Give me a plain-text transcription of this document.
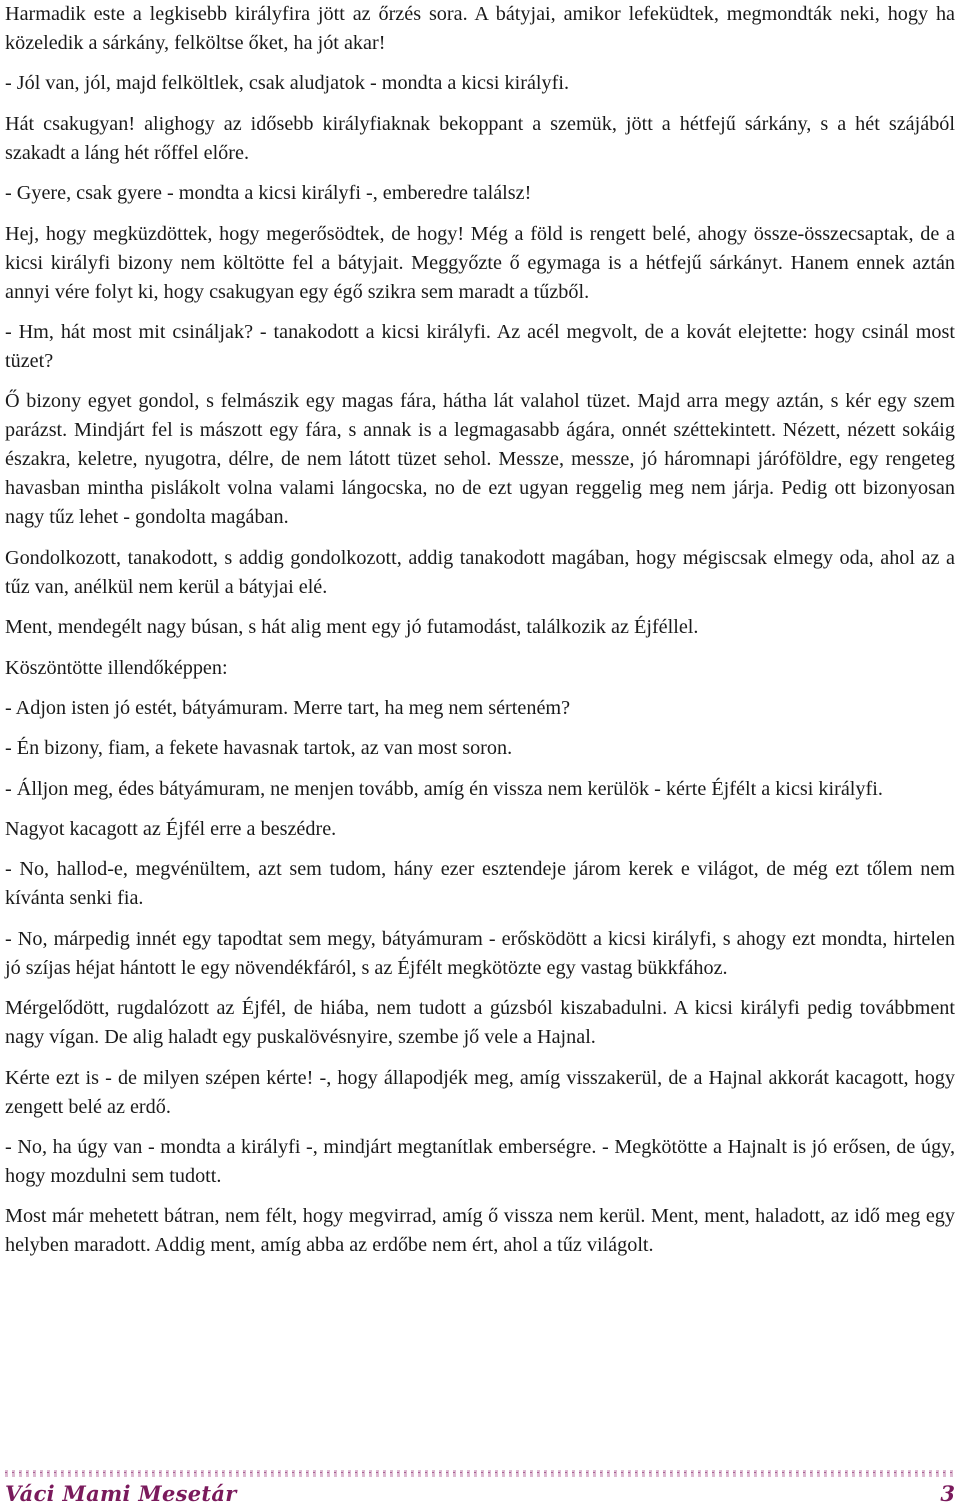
Harmadik este a legkisebb királyfira jött az őrzés sora. A bátyjai, amikor lefeküdtek, megmondták neki, hogy ha közeledik a sárkány, felköltse őket, ha jót akar!

- Jól van, jól, majd felköltlek, csak aludjatok - mondta a kicsi királyfi.

Hát csakugyan! alighogy az idősebb királyfiaknak bekoppant a szemük, jött a hétfejű sárkány, s a hét szájából szakadt a láng hét rőffel előre.

- Gyere, csak gyere - mondta a kicsi királyfi -, emberedre találsz!

Hej, hogy megküzdöttek, hogy megerősödtek, de hogy! Még a föld is rengett belé, ahogy össze-összecsaptak, de a kicsi királyfi bizony nem költötte fel a bátyjait. Meggyőzte ő egymaga is a hétfejű sárkányt. Hanem ennek aztán annyi vére folyt ki, hogy csakugyan egy égő szikra sem maradt a tűzből.

- Hm, hát most mit csináljak? - tanakodott a kicsi királyfi. Az acél megvolt, de a kovát elejtette: hogy csinál most tüzet?

Ő bizony egyet gondol, s felmászik egy magas fára, hátha lát valahol tüzet. Majd arra megy aztán, s kér egy szem parázst. Mindjárt fel is mászott egy fára, s annak is a legmagasabb ágára, onnét széttekintett. Nézett, nézett sokáig északra, keletre, nyugotra, délre, de nem látott tüzet sehol. Messze, messze, jó háromnapi járóföldre, egy rengeteg havasban mintha pislákolt volna valami lángocska, no de ezt ugyan reggelig meg nem járja. Pedig ott bizonyosan nagy tűz lehet - gondolta magában.

Gondolkozott, tanakodott, s addig gondolkozott, addig tanakodott magában, hogy mégiscsak elmegy oda, ahol az a tűz van, anélkül nem kerül a bátyjai elé.

Ment, mendegélt nagy búsan, s hát alig ment egy jó futamodást, találkozik az Éjféllel.

Köszöntötte illendőképpen:

- Adjon isten jó estét, bátyámuram. Merre tart, ha meg nem sérteném?

- Én bizony, fiam, a fekete havasnak tartok, az van most soron.

- Álljon meg, édes bátyámuram, ne menjen tovább, amíg én vissza nem kerülök - kérte Éjfélt a kicsi királyfi.

Nagyot kacagott az Éjfél erre a beszédre.

- No, hallod-e, megvénültem, azt sem tudom, hány ezer esztendeje járom kerek e világot, de még ezt tőlem nem kívánta senki fia.

- No, márpedig innét egy tapodtat sem megy, bátyámuram - erősködött a kicsi királyfi, s ahogy ezt mondta, hirtelen jó szíjas héjat hántott le egy növendékfáról, s az Éjfélt megkötözte egy vastag bükkfához.

Mérgelődött, rugdalózott az Éjfél, de hiába, nem tudott a gúzsból kiszabadulni. A kicsi királyfi pedig továbbment nagy vígan. De alig haladt egy puskalövésnyire, szembe jő vele a Hajnal.

Kérte ezt is - de milyen szépen kérte! -, hogy állapodjék meg, amíg visszakerül, de a Hajnal akkorát kacagott, hogy zengett belé az erdő.

- No, ha úgy van - mondta a királyfi -, mindjárt megtanítlak emberségre. - Megkötötte a Hajnalt is jó erősen, de úgy, hogy mozdulni sem tudott.

Most már mehetett bátran, nem félt, hogy megvirrad, amíg ő vissza nem kerül. Ment, ment, haladott, az idő meg egy helyben maradott. Addig ment, amíg abba az erdőbe nem ért, ahol a tűz világolt.

Váci Mami Mesetár	3
